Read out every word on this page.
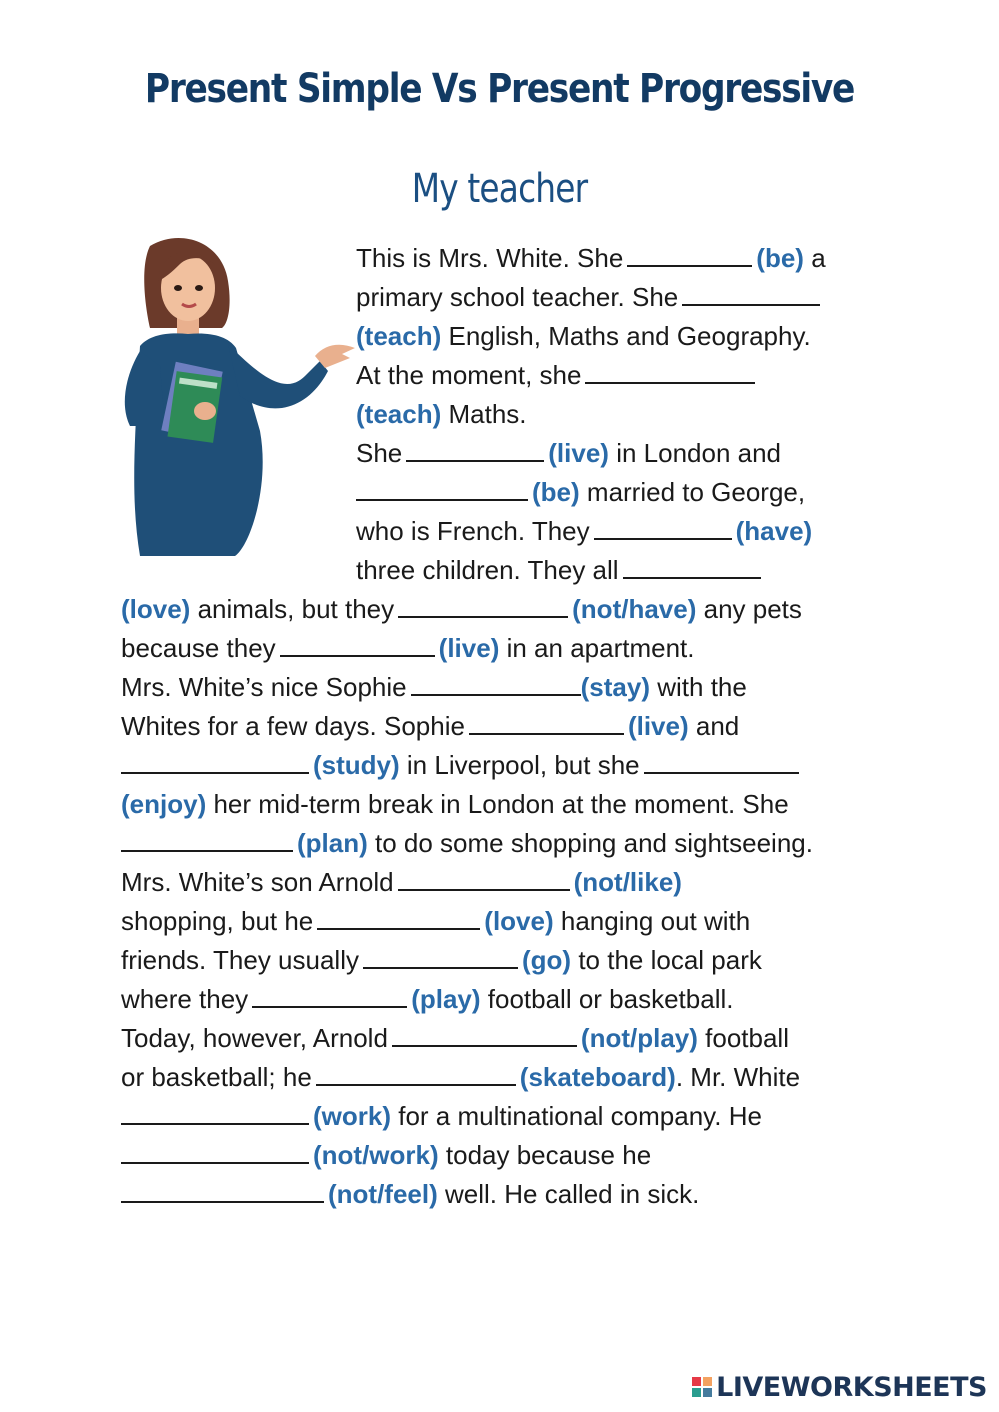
Present Simple Vs Present Progressive
My teacher
This is Mrs. White. She	(be) a
primary school teacher. She
(teach) English, Maths and Geography.
At the moment, she
(teach) Maths.
She	(live) in London and
(be) married to George,
who is French. They	(have)
three children. They all
(love) animals, but they	(not/have) any pets
because they	(live) in an apartment.
Mrs. White’s nice Sophie	(stay) with the
Whites for a few days. Sophie	(live) and
(study) in Liverpool, but she
(enjoy) her mid-term break in London at the moment. She
(plan) to do some shopping and sightseeing.
Mrs. White’s son Arnold	(not/like)
shopping, but he	(love) hanging out with
friends. They usually	(go) to the local park
where they	(play) football or basketball.
Today, however, Arnold	(not/play) football
or basketball; he	(skateboard). Mr. White
(work) for a multinational company. He
(not/work) today because he
(not/feel) well. He called in sick.
LIVEWORKSHEETS
